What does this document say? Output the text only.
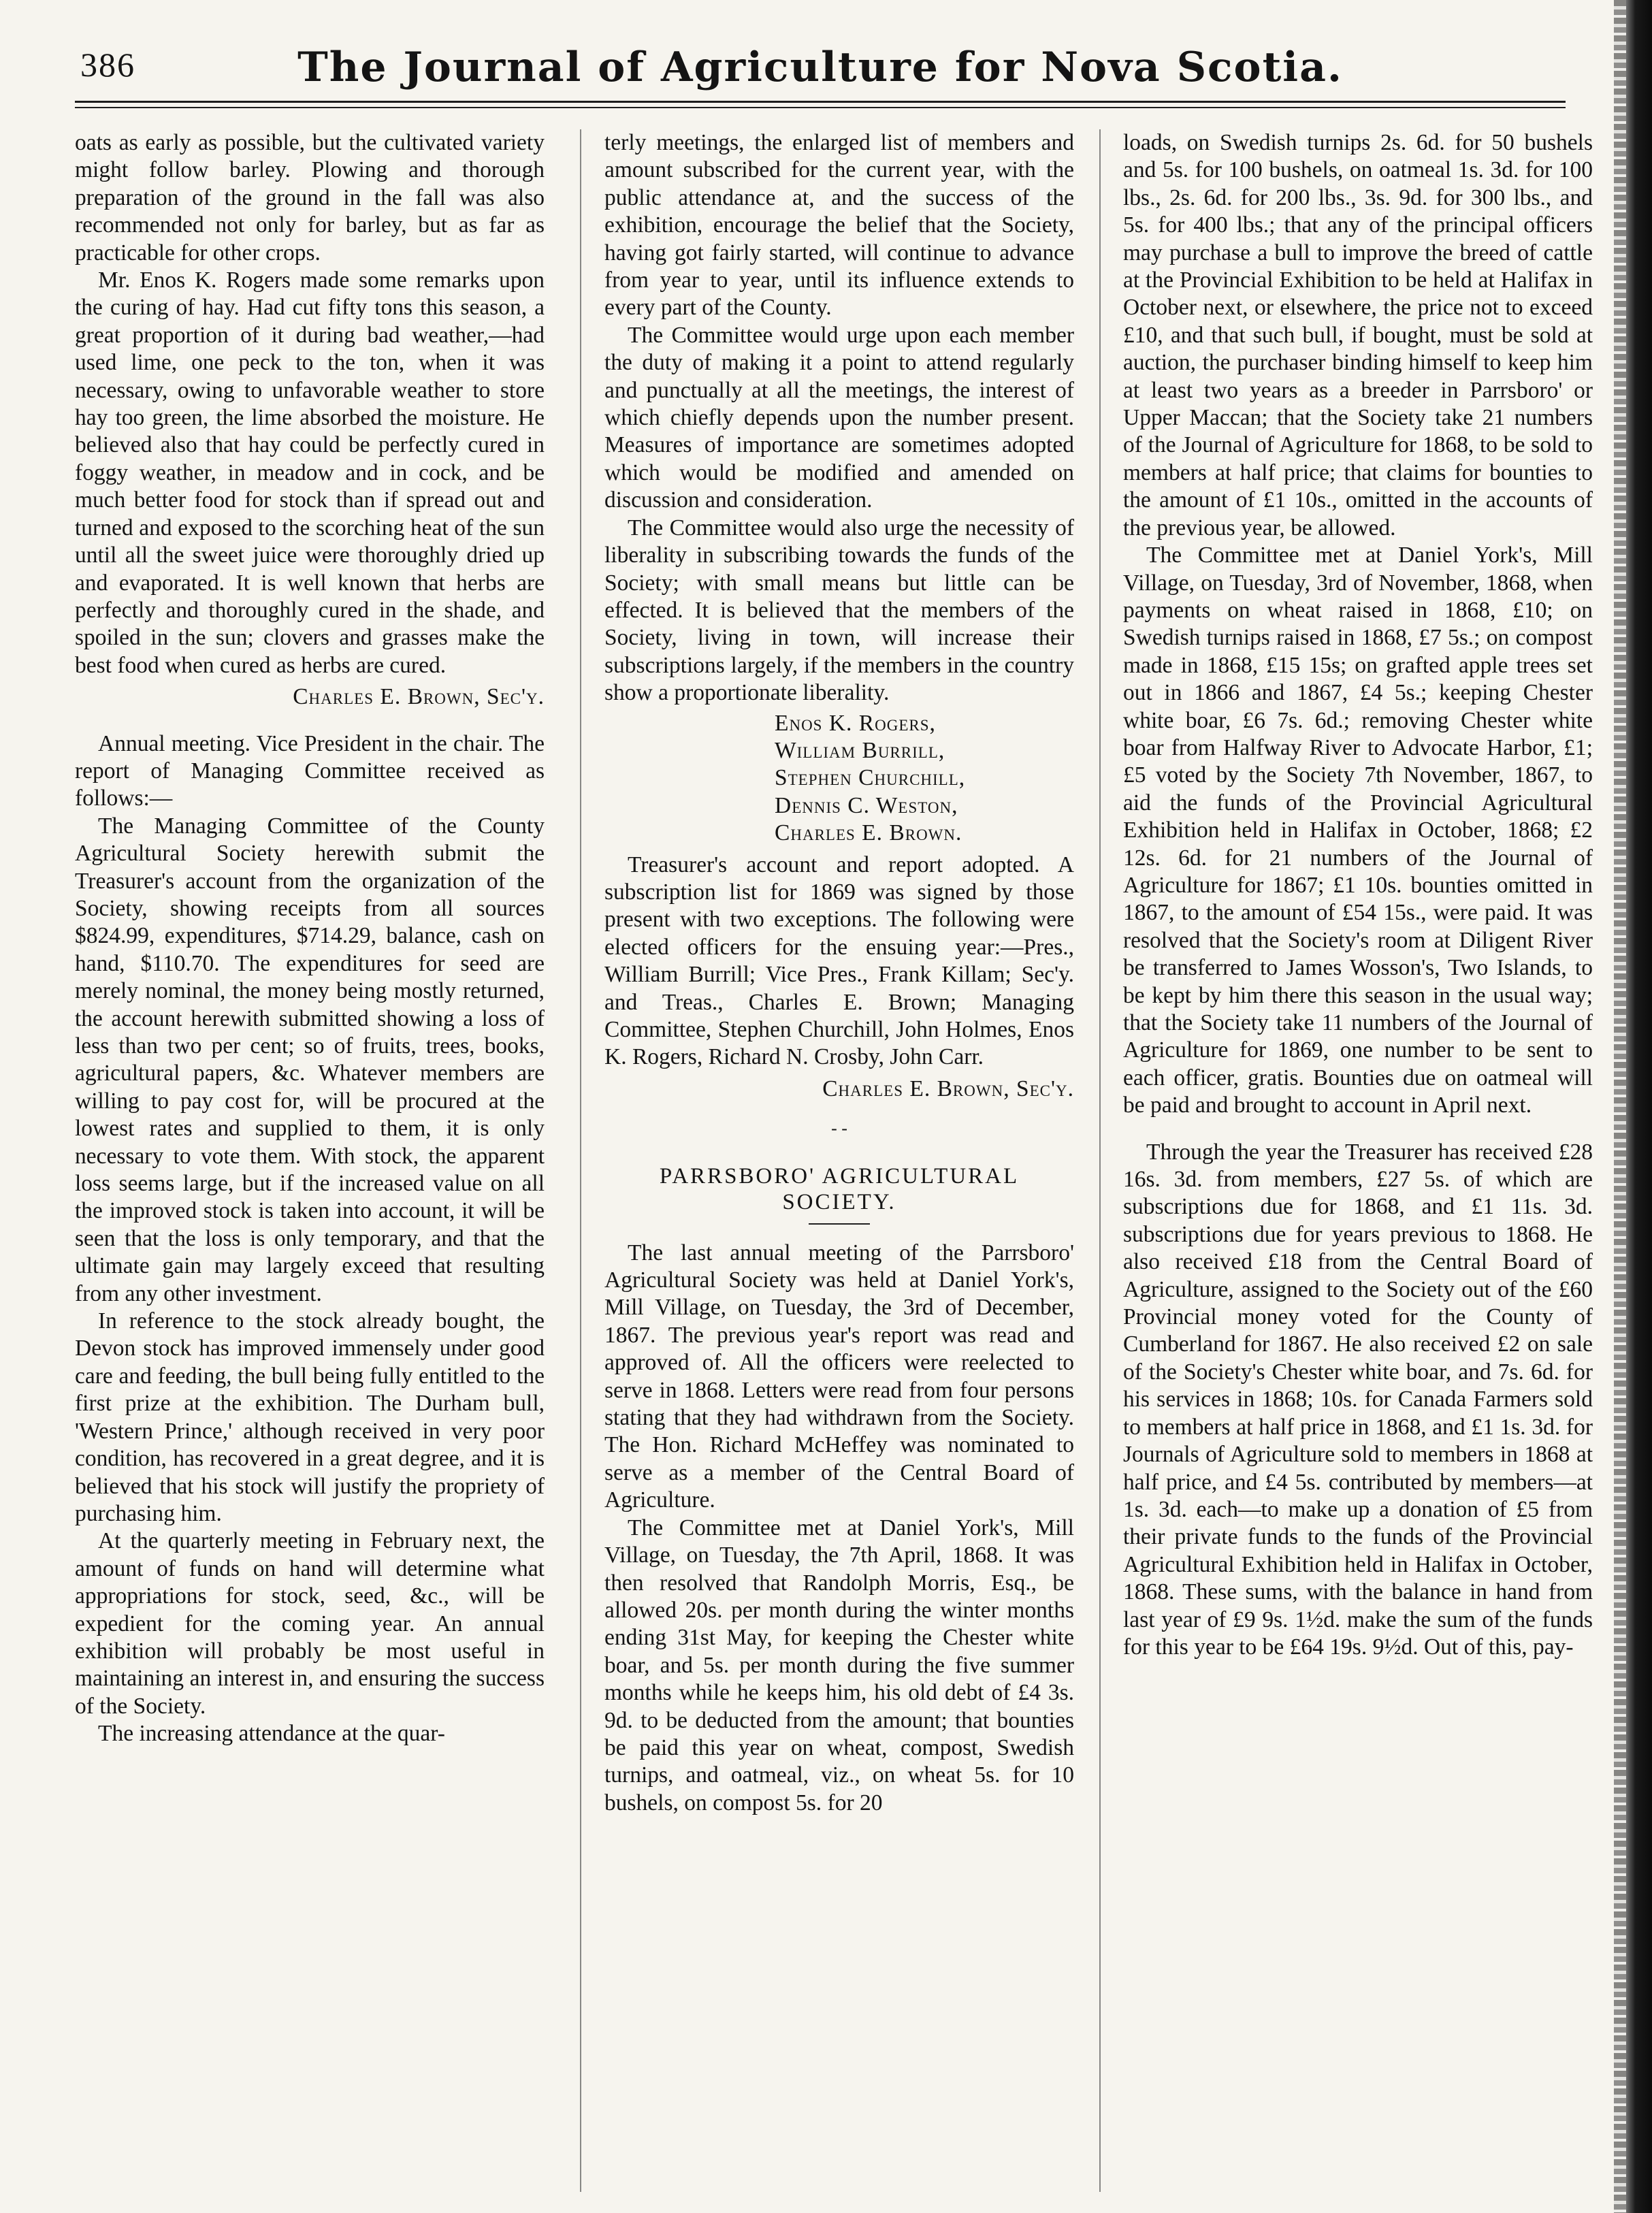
386	The Journal of Agriculture for Nova Scotia.

oats as early as possible, but the cultivated variety might follow barley. Plowing and thorough preparation of the ground in the fall was also recommended not only for barley, but as far as practicable for other crops.

Mr. Enos K. Rogers made some remarks upon the curing of hay. Had cut fifty tons this season, a great proportion of it during bad weather,—had used lime, one peck to the ton, when it was necessary, owing to unfavorable weather to store hay too green, the lime absorbed the moisture. He believed also that hay could be perfectly cured in foggy weather, in meadow and in cock, and be much better food for stock than if spread out and turned and exposed to the scorching heat of the sun until all the sweet juice were thoroughly dried up and evaporated. It is well known that herbs are perfectly and thoroughly cured in the shade, and spoiled in the sun; clovers and grasses make the best food when cured as herbs are cured.

Charles E. Brown, Sec'y.

Annual meeting. Vice President in the chair. The report of Managing Committee received as follows:—

The Managing Committee of the County Agricultural Society herewith submit the Treasurer's account from the organization of the Society, showing receipts from all sources $824.99, expenditures, $714.29, balance, cash on hand, $110.70. The expenditures for seed are merely nominal, the money being mostly returned, the account herewith submitted showing a loss of less than two per cent; so of fruits, trees, books, agricultural papers, &c. Whatever members are willing to pay cost for, will be procured at the lowest rates and supplied to them, it is only necessary to vote them. With stock, the apparent loss seems large, but if the increased value on all the improved stock is taken into account, it will be seen that the loss is only temporary, and that the ultimate gain may largely exceed that resulting from any other investment.

In reference to the stock already bought, the Devon stock has improved immensely under good care and feeding, the bull being fully entitled to the first prize at the exhibition. The Durham bull, 'Western Prince,' although received in very poor condition, has recovered in a great degree, and it is believed that his stock will justify the propriety of purchasing him.

At the quarterly meeting in February next, the amount of funds on hand will determine what appropriations for stock, seed, &c., will be expedient for the coming year. An annual exhibition will probably be most useful in maintaining an interest in, and ensuring the success of the Society.

The increasing attendance at the quar-

terly meetings, the enlarged list of members and amount subscribed for the current year, with the public attendance at, and the success of the exhibition, encourage the belief that the Society, having got fairly started, will continue to advance from year to year, until its influence extends to every part of the County.

The Committee would urge upon each member the duty of making it a point to attend regularly and punctually at all the meetings, the interest of which chiefly depends upon the number present. Measures of importance are sometimes adopted which would be modified and amended on discussion and consideration.

The Committee would also urge the necessity of liberality in subscribing towards the funds of the Society; with small means but little can be effected. It is believed that the members of the Society, living in town, will increase their subscriptions largely, if the members in the country show a proportionate liberality.

Enos K. Rogers,
William Burrill,
Stephen Churchill,
Dennis C. Weston,
Charles E. Brown.

Treasurer's account and report adopted. A subscription list for 1869 was signed by those present with two exceptions. The following were elected officers for the ensuing year:—Pres., William Burrill; Vice Pres., Frank Killam; Sec'y. and Treas., Charles E. Brown; Managing Committee, Stephen Churchill, John Holmes, Enos K. Rogers, Richard N. Crosby, John Carr.

Charles E. Brown, Sec'y.
- -
PARRSBORO' AGRICULTURAL SOCIETY.

The last annual meeting of the Parrsboro' Agricultural Society was held at Daniel York's, Mill Village, on Tuesday, the 3rd of December, 1867. The previous year's report was read and approved of. All the officers were reelected to serve in 1868. Letters were read from four persons stating that they had withdrawn from the Society. The Hon. Richard McHeffey was nominated to serve as a member of the Central Board of Agriculture.

The Committee met at Daniel York's, Mill Village, on Tuesday, the 7th April, 1868. It was then resolved that Randolph Morris, Esq., be allowed 20s. per month during the winter months ending 31st May, for keeping the Chester white boar, and 5s. per month during the five summer months while he keeps him, his old debt of £4 3s. 9d. to be deducted from the amount; that bounties be paid this year on wheat, compost, Swedish turnips, and oatmeal, viz., on wheat 5s. for 10 bushels, on compost 5s. for 20

loads, on Swedish turnips 2s. 6d. for 50 bushels and 5s. for 100 bushels, on oatmeal 1s. 3d. for 100 lbs., 2s. 6d. for 200 lbs., 3s. 9d. for 300 lbs., and 5s. for 400 lbs.; that any of the principal officers may purchase a bull to improve the breed of cattle at the Provincial Exhibition to be held at Halifax in October next, or elsewhere, the price not to exceed £10, and that such bull, if bought, must be sold at auction, the purchaser binding himself to keep him at least two years as a breeder in Parrsboro' or Upper Maccan; that the Society take 21 numbers of the Journal of Agriculture for 1868, to be sold to members at half price; that claims for bounties to the amount of £1 10s., omitted in the accounts of the previous year, be allowed.

The Committee met at Daniel York's, Mill Village, on Tuesday, 3rd of November, 1868, when payments on wheat raised in 1868, £10; on Swedish turnips raised in 1868, £7 5s.; on compost made in 1868, £15 15s; on grafted apple trees set out in 1866 and 1867, £4 5s.; keeping Chester white boar, £6 7s. 6d.; removing Chester white boar from Halfway River to Advocate Harbor, £1; £5 voted by the Society 7th November, 1867, to aid the funds of the Provincial Agricultural Exhibition held in Halifax in October, 1868; £2 12s. 6d. for 21 numbers of the Journal of Agriculture for 1867; £1 10s. bounties omitted in 1867, to the amount of £54 15s., were paid. It was resolved that the Society's room at Diligent River be transferred to James Wosson's, Two Islands, to be kept by him there this season in the usual way; that the Society take 11 numbers of the Journal of Agriculture for 1869, one number to be sent to each officer, gratis. Bounties due on oatmeal will be paid and brought to account in April next.

Through the year the Treasurer has received £28 16s. 3d. from members, £27 5s. of which are subscriptions due for 1868, and £1 11s. 3d. subscriptions due for years previous to 1868. He also received £18 from the Central Board of Agriculture, assigned to the Society out of the £60 Provincial money voted for the County of Cumberland for 1867. He also received £2 on sale of the Society's Chester white boar, and 7s. 6d. for his services in 1868; 10s. for Canada Farmers sold to members at half price in 1868, and £1 1s. 3d. for Journals of Agriculture sold to members in 1868 at half price, and £4 5s. contributed by members—at 1s. 3d. each—to make up a donation of £5 from their private funds to the funds of the Provincial Agricultural Exhibition held in Halifax in October, 1868. These sums, with the balance in hand from last year of £9 9s. 1½d. make the sum of the funds for this year to be £64 19s. 9½d. Out of this, pay-
